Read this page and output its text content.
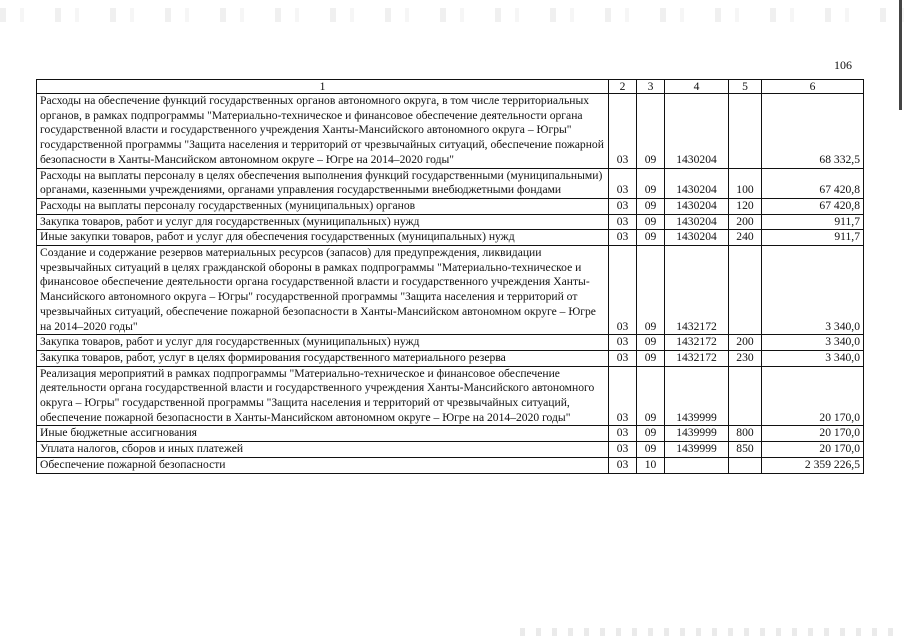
106
1	2	3	4	5	6
Расходы на обеспечение функций государственных органов автономного округа, в том числе территориальных органов, в рамках подпрограммы "Материально-техническое и финансовое обеспечение деятельности органа государственной власти и государственного учреждения Ханты-Мансийского автономного округа – Югры" государственной программы "Защита населения и территорий от чрезвычайных ситуаций, обеспечение пожарной безопасности в Ханты-Мансийском автономном округе – Югре на 2014–2020 годы"	03	09	1430204		68 332,5
Расходы на выплаты персоналу в целях обеспечения выполнения функций государственными (муниципальными) органами, казенными учреждениями, органами управления государственными внебюджетными фондами	03	09	1430204	100	67 420,8
Расходы на выплаты персоналу государственных (муниципальных) органов	03	09	1430204	120	67 420,8
Закупка товаров, работ и услуг для государственных (муниципальных) нужд	03	09	1430204	200	911,7
Иные закупки товаров, работ и услуг для обеспечения государственных (муниципальных) нужд	03	09	1430204	240	911,7
Создание и содержание резервов материальных ресурсов (запасов) для предупреждения, ликвидации чрезвычайных ситуаций в целях гражданской обороны в рамках подпрограммы "Материально-техническое и финансовое обеспечение деятельности органа государственной власти и государственного учреждения Ханты-Мансийского автономного округа – Югры" государственной программы "Защита населения и территорий от чрезвычайных ситуаций, обеспечение пожарной безопасности в Ханты-Мансийском автономном округе – Югре на 2014–2020 годы"	03	09	1432172		3 340,0
Закупка товаров, работ и услуг для государственных (муниципальных) нужд	03	09	1432172	200	3 340,0
Закупка товаров, работ, услуг в целях формирования государственного материального резерва	03	09	1432172	230	3 340,0
Реализация мероприятий в рамках подпрограммы "Материально-техническое и финансовое обеспечение деятельности органа государственной власти и государственного учреждения Ханты-Мансийского автономного округа – Югры" государственной программы "Защита населения и территорий от чрезвычайных ситуаций, обеспечение пожарной безопасности в Ханты-Мансийском автономном округе – Югре на 2014–2020 годы"	03	09	1439999		20 170,0
Иные бюджетные ассигнования	03	09	1439999	800	20 170,0
Уплата налогов, сборов и иных платежей	03	09	1439999	850	20 170,0
Обеспечение пожарной безопасности	03	10			2 359 226,5
